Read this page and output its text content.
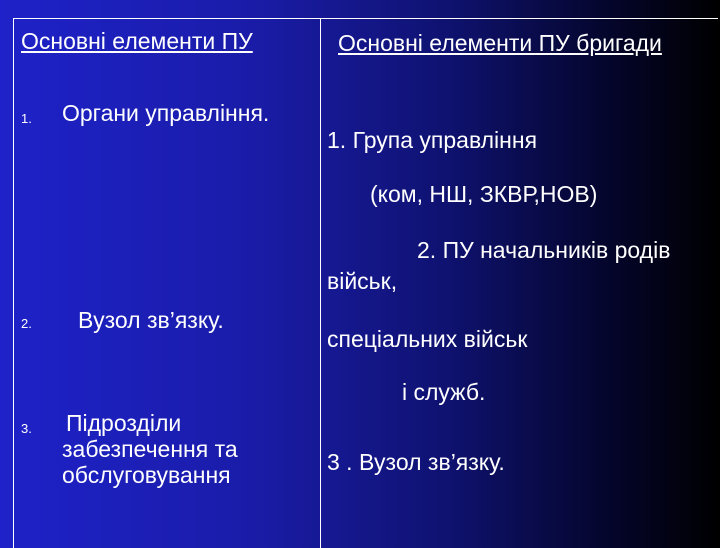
Основні елементи ПУ
1. Органи управління.
2. Вузол зв’язку.
3. Підрозділи
забезпечення та
обслуговування
Основні елементи ПУ бригади
1. Група управління
(ком, НШ, ЗКВР,НОВ)
2. ПУ начальників родів
військ,
спеціальних військ
і служб.
3 . Вузол зв’язку.
